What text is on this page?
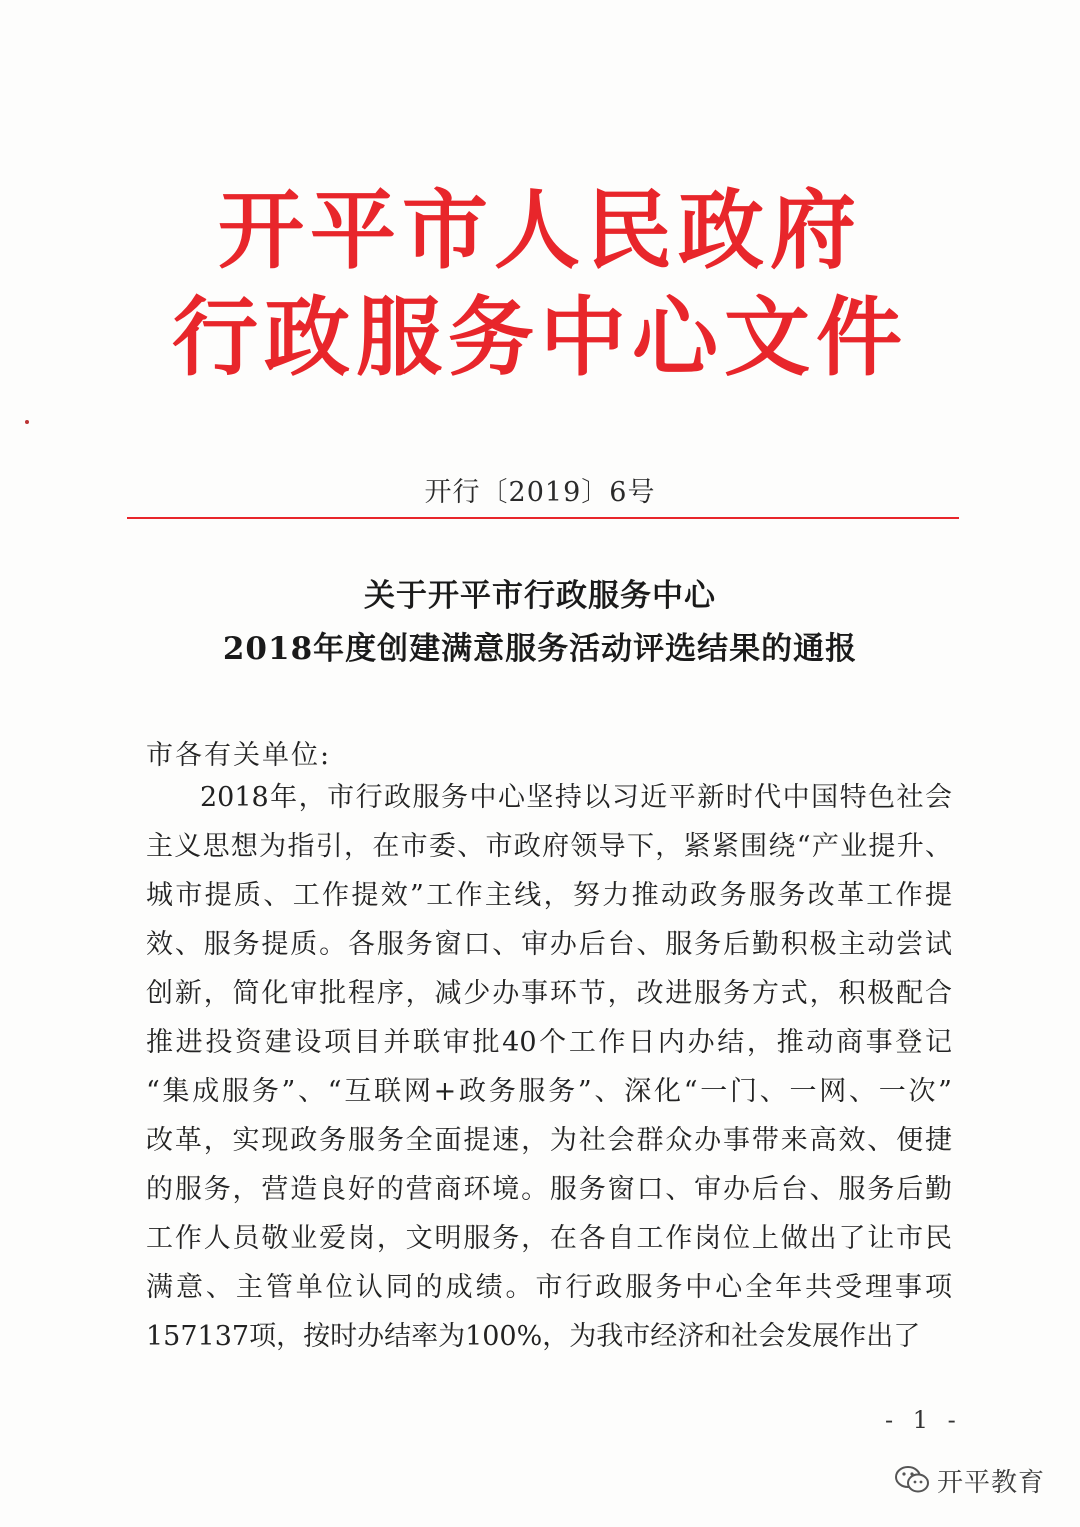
开平市人民政府
行政服务中心文件
开行〔2019〕6号
关于开平市行政服务中心
2018年度创建满意服务活动评选结果的通报
市各有关单位:
2018年，市行政服务中心坚持以习近平新时代中国特色社会
主义思想为指引，在市委、市政府领导下，紧紧围绕“产业提升、
城市提质、工作提效”工作主线，努力推动政务服务改革工作提
效、服务提质。各服务窗口、审办后台、服务后勤积极主动尝试
创新，简化审批程序，减少办事环节，改进服务方式，积极配合
推进投资建设项目并联审批40个工作日内办结，推动商事登记
“集成服务”、“互联网+政务服务”、深化“一门、一网、一次”
改革，实现政务服务全面提速，为社会群众办事带来高效、便捷
的服务，营造良好的营商环境。服务窗口、审办后台、服务后勤
工作人员敬业爱岗，文明服务，在各自工作岗位上做出了让市民
满意、主管单位认同的成绩。市行政服务中心全年共受理事项
157137项，按时办结率为100%，为我市经济和社会发展作出了
- 1 -
开平教育
